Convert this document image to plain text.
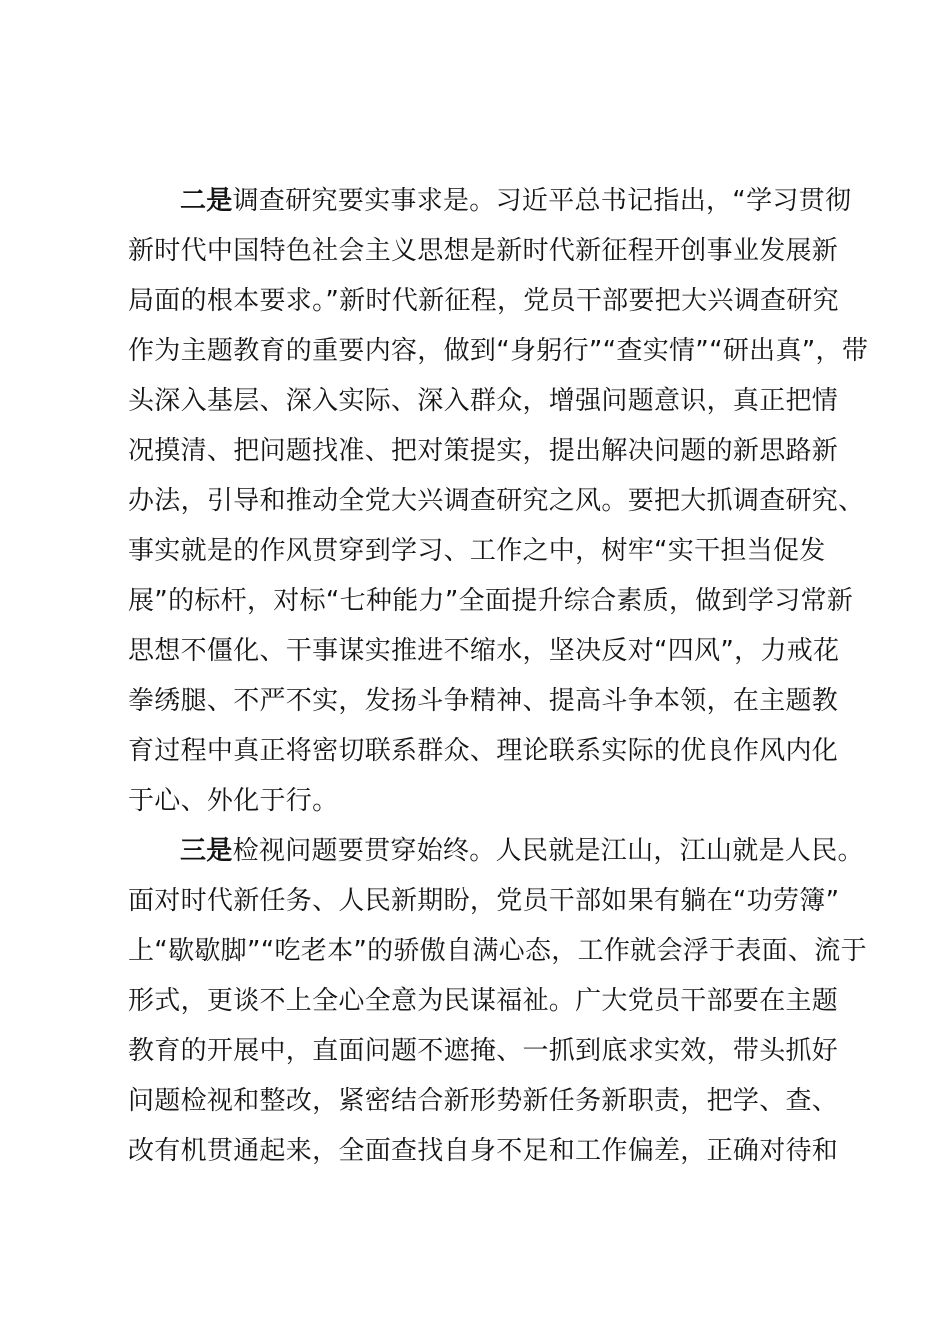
二是调查研究要实事求是。习近平总书记指出，“学习贯彻
新时代中国特色社会主义思想是新时代新征程开创事业发展新
局面的根本要求。”新时代新征程，党员干部要把大兴调查研究
作为主题教育的重要内容，做到“身躬行”“查实情”“研出真”，带
头深入基层、深入实际、深入群众，增强问题意识，真正把情
况摸清、把问题找准、把对策提实，提出解决问题的新思路新
办法，引导和推动全党大兴调查研究之风。要把大抓调查研究、
事实就是的作风贯穿到学习、工作之中，树牢“实干担当促发
展”的标杆，对标“七种能力”全面提升综合素质，做到学习常新
思想不僵化、干事谋实推进不缩水，坚决反对“四风”，力戒花
拳绣腿、不严不实，发扬斗争精神、提高斗争本领，在主题教
育过程中真正将密切联系群众、理论联系实际的优良作风内化
于心、外化于行。
三是检视问题要贯穿始终。人民就是江山，江山就是人民。
面对时代新任务、人民新期盼，党员干部如果有躺在“功劳簿”
上“歇歇脚”“吃老本”的骄傲自满心态，工作就会浮于表面、流于
形式，更谈不上全心全意为民谋福祉。广大党员干部要在主题
教育的开展中，直面问题不遮掩、一抓到底求实效，带头抓好
问题检视和整改，紧密结合新形势新任务新职责，把学、查、
改有机贯通起来，全面查找自身不足和工作偏差，正确对待和
